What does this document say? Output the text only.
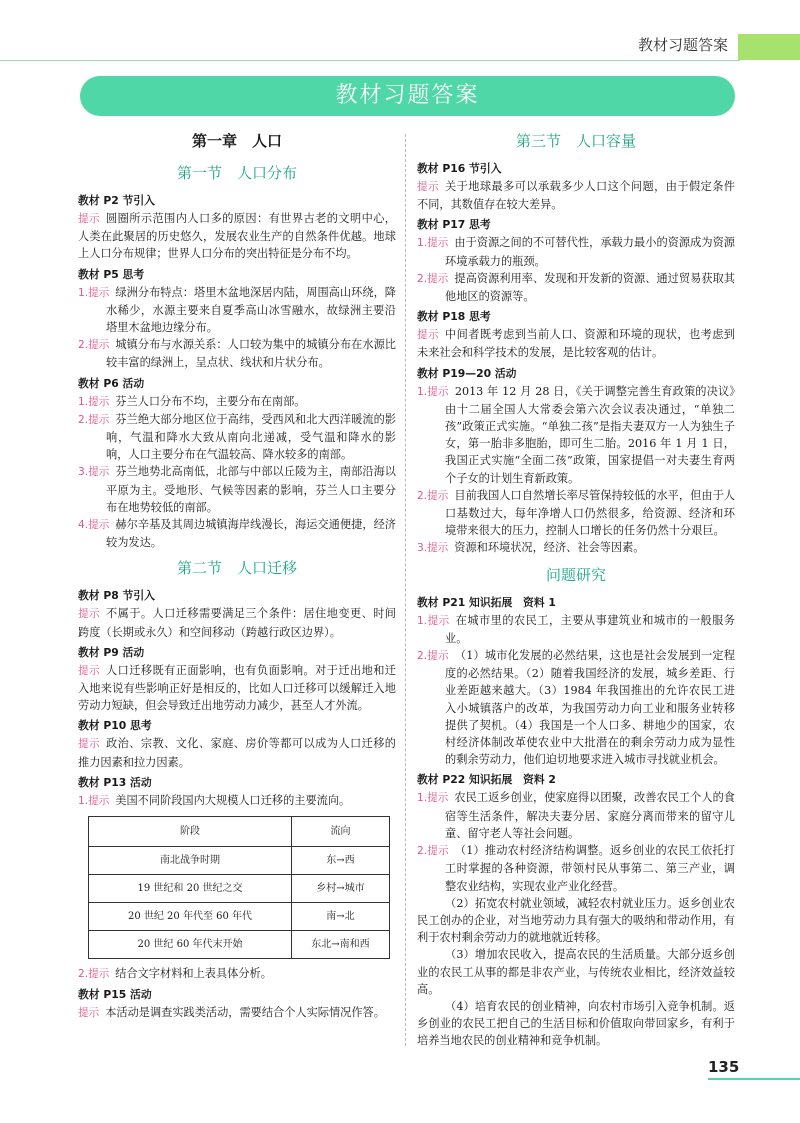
教材习题答案
教材习题答案
第一章　人口
第一节　人口分布
教材 P2 节引入

提示 圆圈所示范围内人口多的原因：有世界古老的文明中心，人类在此聚居的历史悠久，发展农业生产的自然条件优越。地球上人口分布规律；世界人口分布的突出特征是分布不均。

教材 P5 思考

1.提示 绿洲分布特点：塔里木盆地深居内陆，周围高山环绕，降水稀少，水源主要来自夏季高山冰雪融水，故绿洲主要沿塔里木盆地边缘分布。

2.提示 城镇分布与水源关系：人口较为集中的城镇分布在水源比较丰富的绿洲上，呈点状、线状和片状分布。

教材 P6 活动

1.提示 芬兰人口分布不均，主要分布在南部。

2.提示 芬兰绝大部分地区位于高纬，受西风和北大西洋暖流的影响，气温和降水大致从南向北递减，受气温和降水的影响，人口主要分布在气温较高、降水较多的南部。

3.提示 芬兰地势北高南低，北部与中部以丘陵为主，南部沿海以平原为主。受地形、气候等因素的影响，芬兰人口主要分布在地势较低的南部。

4.提示 赫尔辛基及其周边城镇海岸线漫长，海运交通便捷，经济较为发达。

第二节　人口迁移
教材 P8 节引入

提示 不属于。人口迁移需要满足三个条件：居住地变更、时间跨度（长期或永久）和空间移动（跨越行政区边界）。

教材 P9 活动

提示 人口迁移既有正面影响，也有负面影响。对于迁出地和迁入地来说有些影响正好是相反的，比如人口迁移可以缓解迁入地劳动力短缺，但会导致迁出地劳动力减少，甚至人才外流。

教材 P10 思考

提示 政治、宗教、文化、家庭、房价等都可以成为人口迁移的推力因素和拉力因素。

教材 P13 活动

1.提示 美国不同阶段国内大规模人口迁移的主要流向。

阶段	流向
南北战争时期	东→西
19 世纪和 20 世纪之交	乡村→城市
20 世纪 20 年代至 60 年代	南→北
20 世纪 60 年代末开始	东北→南和西

2.提示 结合文字材料和上表具体分析。

教材 P15 活动

提示 本活动是调查实践类活动，需要结合个人实际情况作答。

第三节　人口容量
教材 P16 节引入

提示 关于地球最多可以承载多少人口这个问题，由于假定条件不同，其数值存在较大差异。

教材 P17 思考

1.提示 由于资源之间的不可替代性，承载力最小的资源成为资源环境承载力的瓶颈。

2.提示 提高资源利用率、发现和开发新的资源、通过贸易获取其他地区的资源等。

教材 P18 思考

提示 中间者既考虑到当前人口、资源和环境的现状，也考虑到未来社会和科学技术的发展，是比较客观的估计。

教材 P19—20 活动

1.提示 2013 年 12 月 28 日，《关于调整完善生育政策的决议》由十二届全国人大常委会第六次会议表决通过，“单独二孩”政策正式实施。“单独二孩”是指夫妻双方一人为独生子女，第一胎非多胞胎，即可生二胎。2016 年 1 月 1 日，我国正式实施“全面二孩”政策，国家提倡一对夫妻生育两个子女的计划生育新政策。

2.提示 目前我国人口自然增长率尽管保持较低的水平，但由于人口基数过大，每年净增人口仍然很多，给资源、经济和环境带来很大的压力，控制人口增长的任务仍然十分艰巨。

3.提示 资源和环境状况，经济、社会等因素。

问题研究
教材 P21 知识拓展　资料 1

1.提示 在城市里的农民工，主要从事建筑业和城市的一般服务业。

2.提示 （1）城市化发展的必然结果，这也是社会发展到一定程度的必然结果。（2）随着我国经济的发展，城乡差距、行业差距越来越大。（3）1984 年我国推出的允许农民工进入小城镇落户的改革，为我国劳动力向工业和服务业转移提供了契机。（4）我国是一个人口多、耕地少的国家，农村经济体制改革使农业中大批潜在的剩余劳动力成为显性的剩余劳动力，他们迫切地要求进入城市寻找就业机会。

教材 P22 知识拓展　资料 2

1.提示 农民工返乡创业，使家庭得以团聚，改善农民工个人的食宿等生活条件，解决夫妻分居、家庭分离而带来的留守儿童、留守老人等社会问题。

2.提示 （1）推动农村经济结构调整。返乡创业的农民工依托打工时掌握的各种资源，带领村民从事第二、第三产业，调整农业结构，实现农业产业化经营。

（2）拓宽农村就业领域，减轻农村就业压力。返乡创业农民工创办的企业，对当地劳动力具有强大的吸纳和带动作用，有利于农村剩余劳动力的就地就近转移。

（3）增加农民收入，提高农民的生活质量。大部分返乡创业的农民工从事的都是非农产业，与传统农业相比，经济效益较高。

（4）培育农民的创业精神，向农村市场引入竞争机制。返乡创业的农民工把自己的生活目标和价值取向带回家乡，有利于培养当地农民的创业精神和竞争机制。

135
